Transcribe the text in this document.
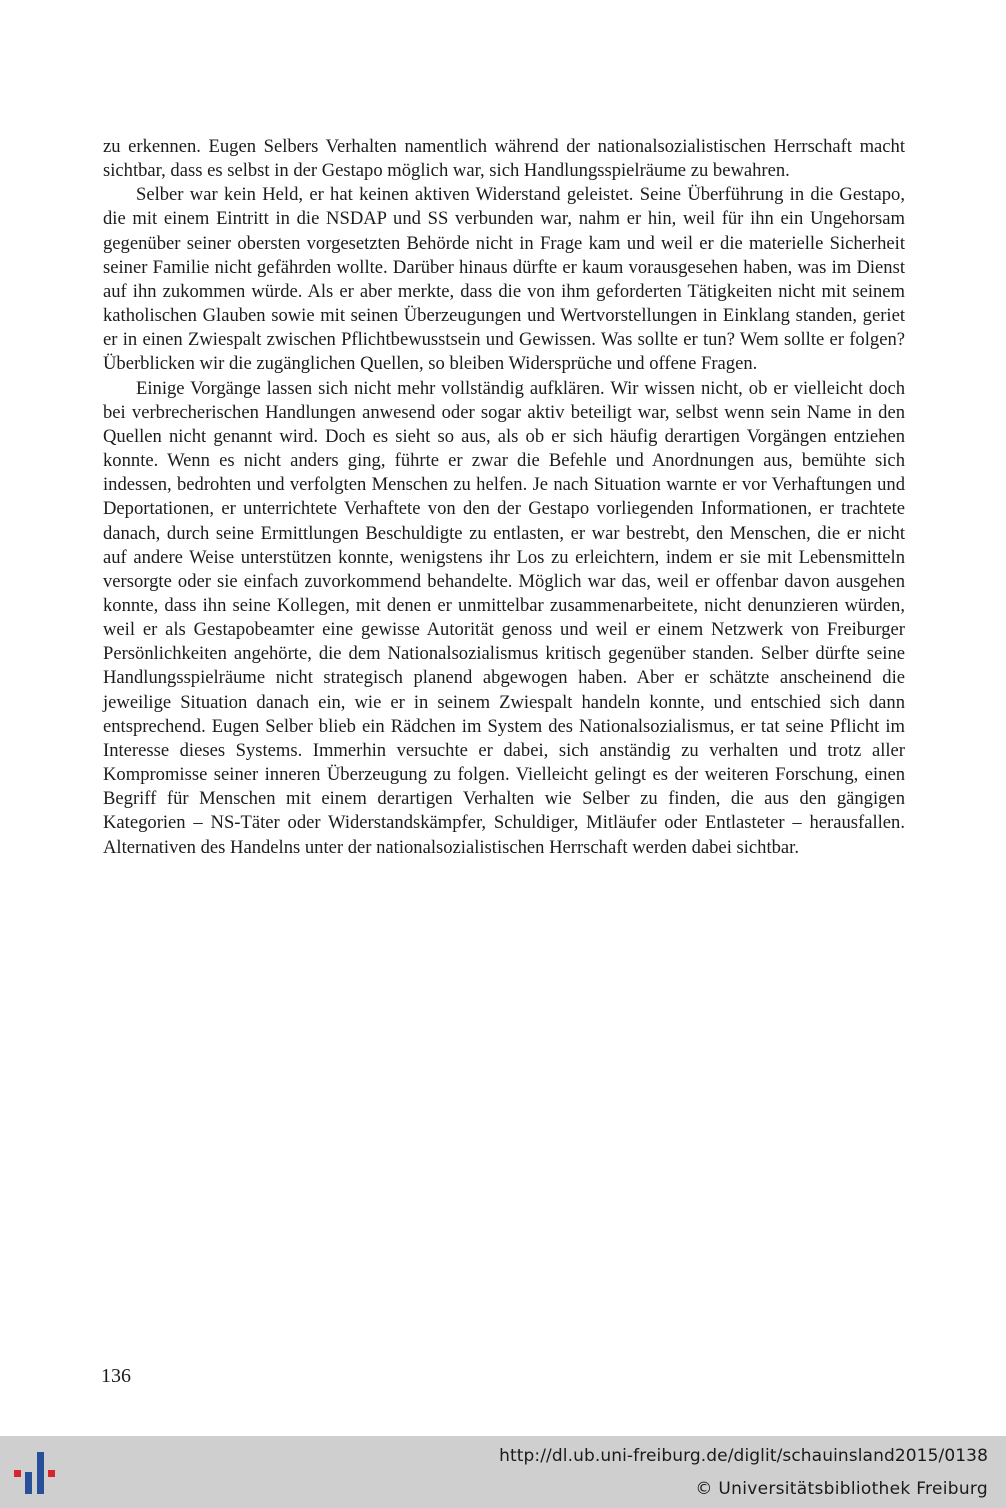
zu erkennen. Eugen Selbers Verhalten namentlich während der nationalsozialistischen Herrschaft macht sichtbar, dass es selbst in der Gestapo möglich war, sich Handlungsspielräume zu bewahren.

Selber war kein Held, er hat keinen aktiven Widerstand geleistet. Seine Überführung in die Gestapo, die mit einem Eintritt in die NSDAP und SS verbunden war, nahm er hin, weil für ihn ein Ungehorsam gegenüber seiner obersten vorgesetzten Behörde nicht in Frage kam und weil er die materielle Sicherheit seiner Familie nicht gefährden wollte. Darüber hinaus dürfte er kaum vorausgesehen haben, was im Dienst auf ihn zukommen würde. Als er aber merkte, dass die von ihm geforderten Tätigkeiten nicht mit seinem katholischen Glauben sowie mit seinen Überzeugungen und Wertvorstellungen in Einklang standen, geriet er in einen Zwiespalt zwischen Pflichtbewusstsein und Gewissen. Was sollte er tun? Wem sollte er folgen? Überblicken wir die zugänglichen Quellen, so bleiben Widersprüche und offene Fragen.

Einige Vorgänge lassen sich nicht mehr vollständig aufklären. Wir wissen nicht, ob er vielleicht doch bei verbrecherischen Handlungen anwesend oder sogar aktiv beteiligt war, selbst wenn sein Name in den Quellen nicht genannt wird. Doch es sieht so aus, als ob er sich häufig derartigen Vorgängen entziehen konnte. Wenn es nicht anders ging, führte er zwar die Befehle und Anordnungen aus, bemühte sich indessen, bedrohten und verfolgten Menschen zu helfen. Je nach Situation warnte er vor Verhaftungen und Deportationen, er unterrichtete Verhaftete von den der Gestapo vorliegenden Informationen, er trachtete danach, durch seine Ermittlungen Beschuldigte zu entlasten, er war bestrebt, den Menschen, die er nicht auf andere Weise unterstützen konnte, wenigstens ihr Los zu erleichtern, indem er sie mit Lebensmitteln versorgte oder sie einfach zuvorkommend behandelte. Möglich war das, weil er offenbar davon ausgehen konnte, dass ihn seine Kollegen, mit denen er unmittelbar zusammenarbeitete, nicht denunzieren würden, weil er als Gestapobeamter eine gewisse Autorität genoss und weil er einem Netzwerk von Freiburger Persönlichkeiten angehörte, die dem Nationalsozialismus kritisch gegenüber standen. Selber dürfte seine Handlungsspielräume nicht strategisch planend abgewogen haben. Aber er schätzte anscheinend die jeweilige Situation danach ein, wie er in seinem Zwiespalt handeln konnte, und entschied sich dann entsprechend. Eugen Selber blieb ein Rädchen im System des Nationalsozialismus, er tat seine Pflicht im Interesse dieses Systems. Immerhin versuchte er dabei, sich anständig zu verhalten und trotz aller Kompromisse seiner inneren Überzeugung zu folgen. Vielleicht gelingt es der weiteren Forschung, einen Begriff für Menschen mit einem derartigen Verhalten wie Selber zu finden, die aus den gängigen Kategorien – NS-Täter oder Widerstandskämpfer, Schuldiger, Mitläufer oder Entlasteter – herausfallen. Alternativen des Handelns unter der nationalsozialistischen Herrschaft werden dabei sichtbar.

136
http://dl.ub.uni-freiburg.de/diglit/schauinsland2015/0138
© Universitätsbibliothek Freiburg
